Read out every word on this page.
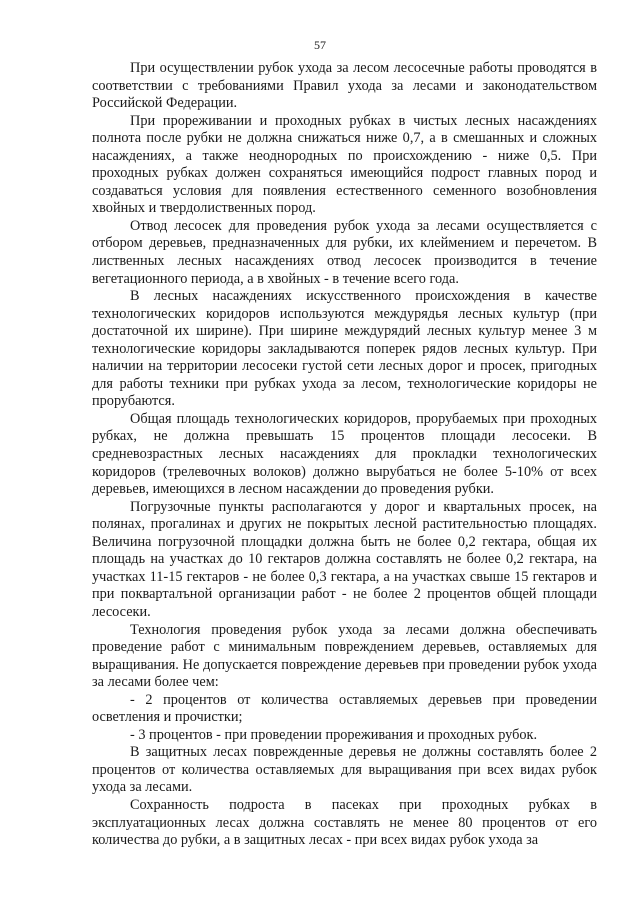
57

При осуществлении рубок ухода за лесом лесосечные работы проводятся в соответствии с требованиями Правил ухода за лесами и законодательством Российской Федерации.

При прореживании и проходных рубках в чистых лесных насаждениях полнота после рубки не должна снижаться ниже 0,7, а в смешанных и сложных насаждениях, а также неоднородных по происхождению - ниже 0,5. При проходных рубках должен сохраняться имеющийся подрост главных пород и создаваться условия для появления естественного семенного возобновления хвойных и твердолиственных пород.

Отвод лесосек для проведения рубок ухода за лесами осуществляется с отбором деревьев, предназначенных для рубки, их клеймением и перечетом. В лиственных лесных насаждениях отвод лесосек производится в течение вегетационного периода, а в хвойных - в течение всего года.

В лесных насаждениях искусственного происхождения в качестве технологических коридоров используются междурядья лесных культур (при достаточной их ширине). При ширине междурядий лесных культур менее 3 м технологические коридоры закладываются поперек рядов лесных культур. При наличии на территории лесосеки густой сети лесных дорог и просек, пригодных для работы техники при рубках ухода за лесом, технологические коридоры не прорубаются.

Общая площадь технологических коридоров, прорубаемых при проходных рубках, не должна превышать 15 процентов площади лесосеки. В средневозрастных лесных насаждениях для прокладки технологических коридоров (трелевочных волоков) должно вырубаться не более 5-10% от всех деревьев, имеющихся в лесном насаждении до проведения рубки.

Погрузочные пункты располагаются у дорог и квартальных просек, на полянах, прогалинах и других не покрытых лесной растительностью площадях. Величина погрузочной площадки должна быть не более 0,2 гектара, общая их площадь на участках до 10 гектаров должна составлять не более 0,2 гектара, на участках 11-15 гектаров - не более 0,3 гектара, а на участках свыше 15 гектаров и при покварталъной организации работ - не более 2 процентов общей площади лесосеки.

Технология проведения рубок ухода за лесами должна обеспечивать проведение работ с минимальным повреждением деревьев, оставляемых для выращивания. Не допускается повреждение деревьев при проведении рубок ухода за лесами более чем:

- 2 процентов от количества оставляемых деревьев при проведении осветления и прочистки;

- 3 процентов - при проведении прореживания и проходных рубок.

В защитных лесах поврежденные деревья не должны составлять более 2 процентов от количества оставляемых для выращивания при всех видах рубок ухода за лесами.

Сохранность подроста в пасеках при проходных рубках в эксплуатационных лесах должна составлять не менее 80 процентов от его количества до рубки, а в защитных лесах - при всех видах рубок ухода за
